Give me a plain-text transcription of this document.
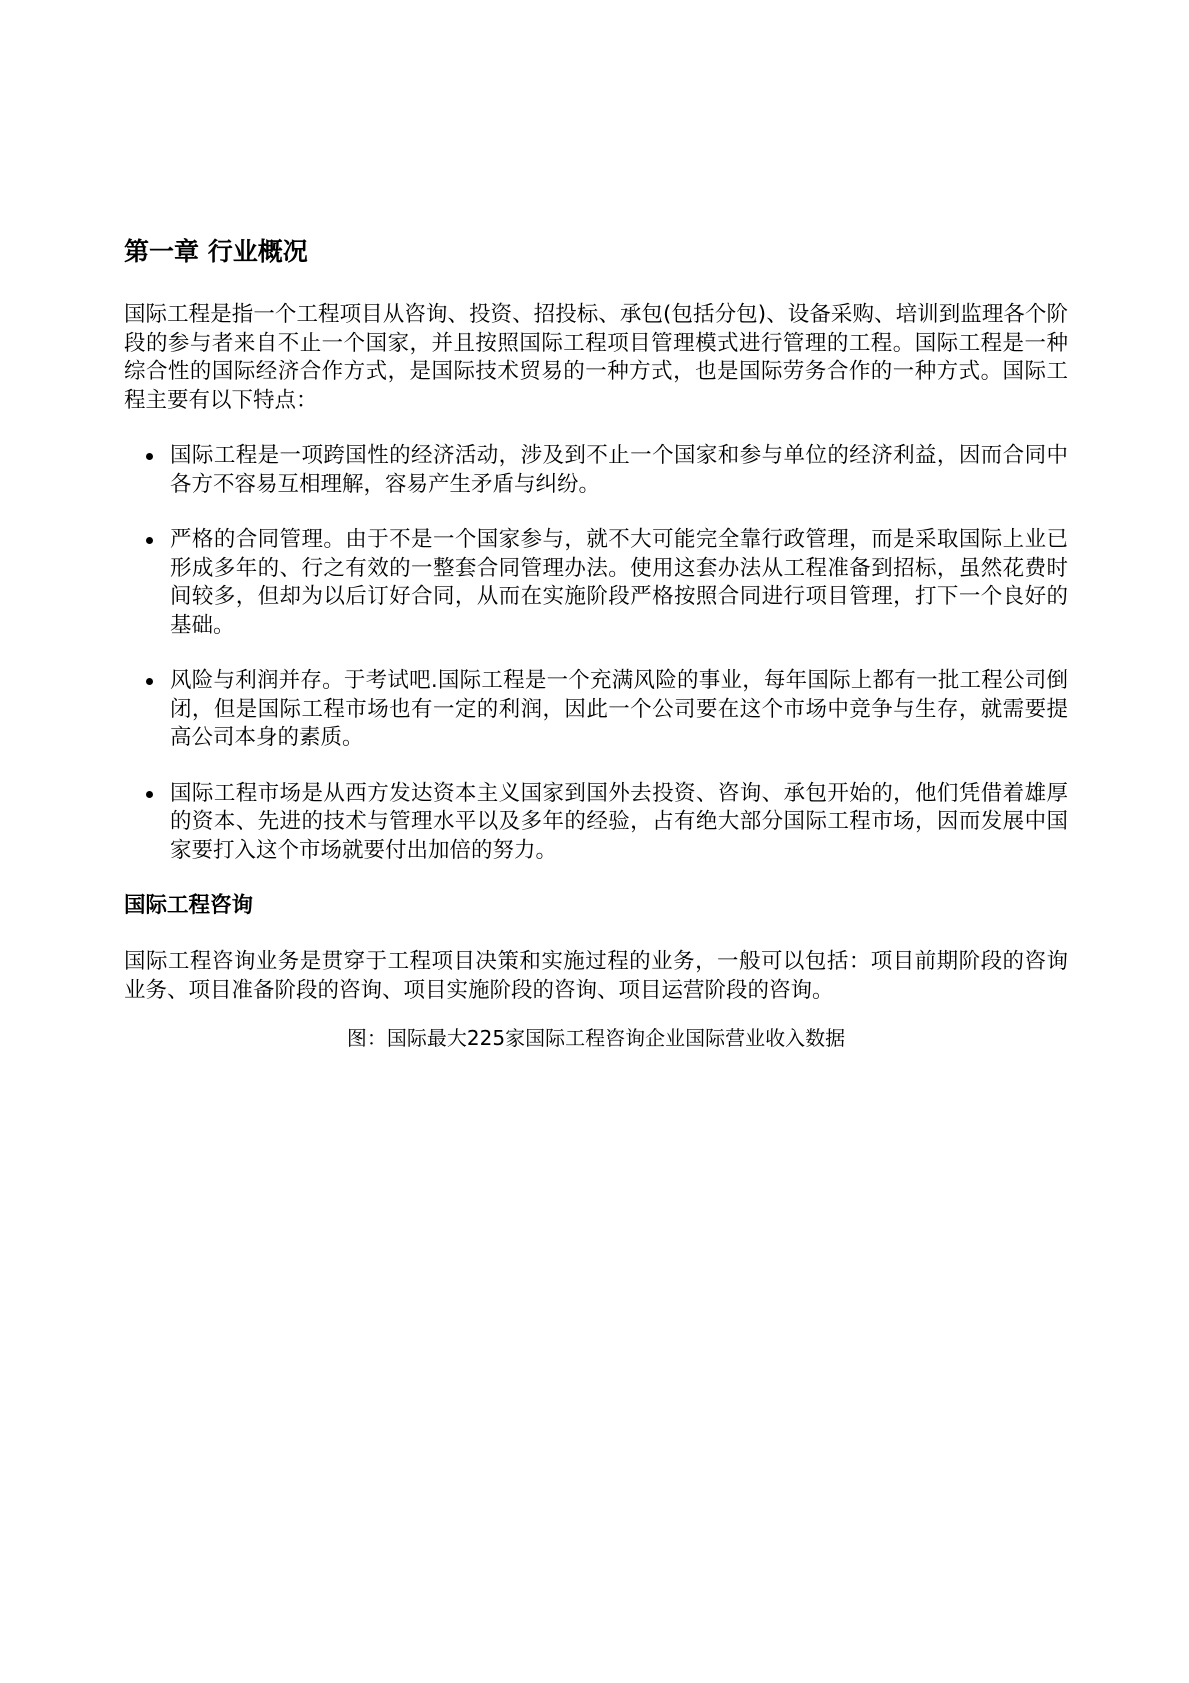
第一章 行业概况

国际工程是指一个工程项目从咨询、投资、招投标、承包(包括分包)、设备采购、培训到监理各个阶段的参与者来自不止一个国家，并且按照国际工程项目管理模式进行管理的工程。国际工程是一种综合性的国际经济合作方式，是国际技术贸易的一种方式，也是国际劳务合作的一种方式。国际工程主要有以下特点：

国际工程是一项跨国性的经济活动，涉及到不止一个国家和参与单位的经济利益，因而合同中各方不容易互相理解，容易产生矛盾与纠纷。
严格的合同管理。由于不是一个国家参与，就不大可能完全靠行政管理，而是采取国际上业已形成多年的、行之有效的一整套合同管理办法。使用这套办法从工程准备到招标，虽然花费时间较多，但却为以后订好合同，从而在实施阶段严格按照合同进行项目管理，打下一个良好的基础。
风险与利润并存。于考试吧.国际工程是一个充满风险的事业，每年国际上都有一批工程公司倒闭，但是国际工程市场也有一定的利润，因此一个公司要在这个市场中竞争与生存，就需要提高公司本身的素质。
国际工程市场是从西方发达资本主义国家到国外去投资、咨询、承包开始的，他们凭借着雄厚的资本、先进的技术与管理水平以及多年的经验，占有绝大部分国际工程市场，因而发展中国家要打入这个市场就要付出加倍的努力。
国际工程咨询

国际工程咨询业务是贯穿于工程项目决策和实施过程的业务，一般可以包括：项目前期阶段的咨询业务、项目准备阶段的咨询、项目实施阶段的咨询、项目运营阶段的咨询。

图：国际最大225家国际工程咨询企业国际营业收入数据
